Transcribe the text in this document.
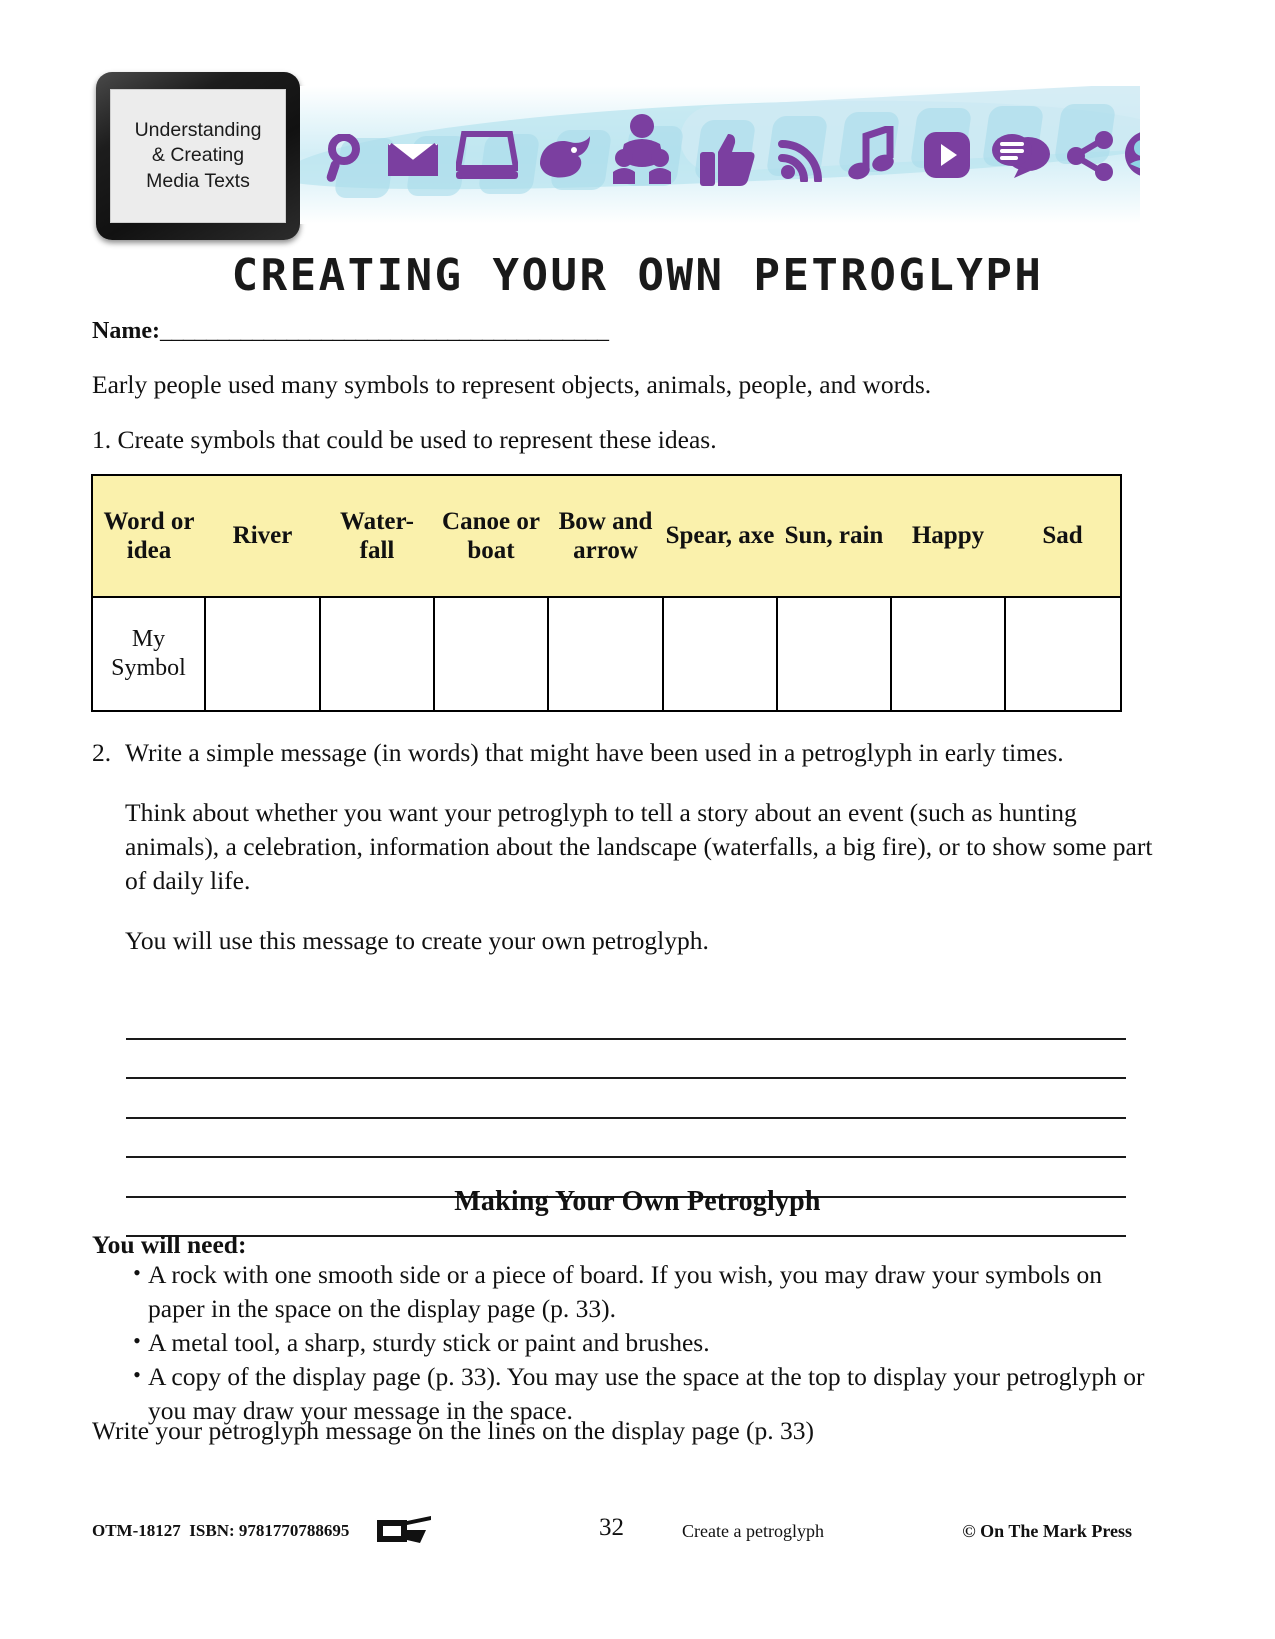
Understanding
& Creating
Media Texts
CREATING YOUR OWN PETROGLYPH
Name:_______________________________________
Early people used many symbols to represent objects, animals, people, and words.
1. Create symbols that could be used to represent these ideas.
Word or idea	River	Water- fall	Canoe or boat	Bow and arrow	Spear, axe	Sun, rain	Happy	Sad
My Symbol								
2. Write a simple message (in words) that might have been used in a petroglyph in early times.

Think about whether you want your petroglyph to tell a story about an event (such as hunting animals), a celebration, information about the landscape (waterfalls, a big fire), or to show some part of daily life.

You will use this message to create your own petroglyph.

Making Your Own Petroglyph
You will need:
• A rock with one smooth side or a piece of board. If you wish, you may draw your symbols on paper in the space on the display page (p. 33).
• A metal tool, a sharp, sturdy stick or paint and brushes.
• A copy of the display page (p. 33). You may use the space at the top to display your petroglyph or you may draw your message in the space.
Write your petroglyph message on the lines on the display page (p. 33)
OTM-18127 ISBN: 9781770788695	32	Create a petroglyph	© On The Mark Press
